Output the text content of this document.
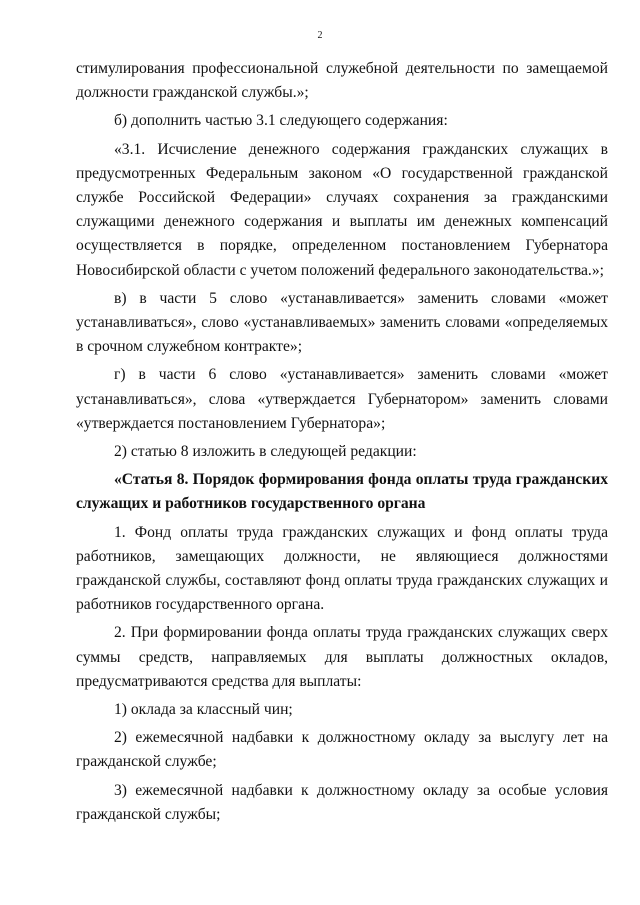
2

стимулирования профессиональной служебной деятельности по замещаемой должности гражданской службы.»;

б) дополнить частью 3.1 следующего содержания:

«3.1. Исчисление денежного содержания гражданских служащих в предусмотренных Федеральным законом «О государственной гражданской службе Российской Федерации» случаях сохранения за гражданскими служащими денежного содержания и выплаты им денежных компенсаций осуществляется в порядке, определенном постановлением Губернатора Новосибирской области с учетом положений федерального законодательства.»;

в) в части 5 слово «устанавливается» заменить словами «может устанавливаться», слово «устанавливаемых» заменить словами «определяемых в срочном служебном контракте»;

г) в части 6 слово «устанавливается» заменить словами «может устанавливаться», слова «утверждается Губернатором» заменить словами «утверждается постановлением Губернатора»;

2) статью 8 изложить в следующей редакции:

«Статья 8. Порядок формирования фонда оплаты труда гражданских служащих и работников государственного органа

1. Фонд оплаты труда гражданских служащих и фонд оплаты труда работников, замещающих должности, не являющиеся должностями гражданской службы, составляют фонд оплаты труда гражданских служащих и работников государственного органа.

2. При формировании фонда оплаты труда гражданских служащих сверх суммы средств, направляемых для выплаты должностных окладов, предусматриваются средства для выплаты:

1) оклада за классный чин;

2) ежемесячной надбавки к должностному окладу за выслугу лет на гражданской службе;

3) ежемесячной надбавки к должностному окладу за особые условия гражданской службы;
